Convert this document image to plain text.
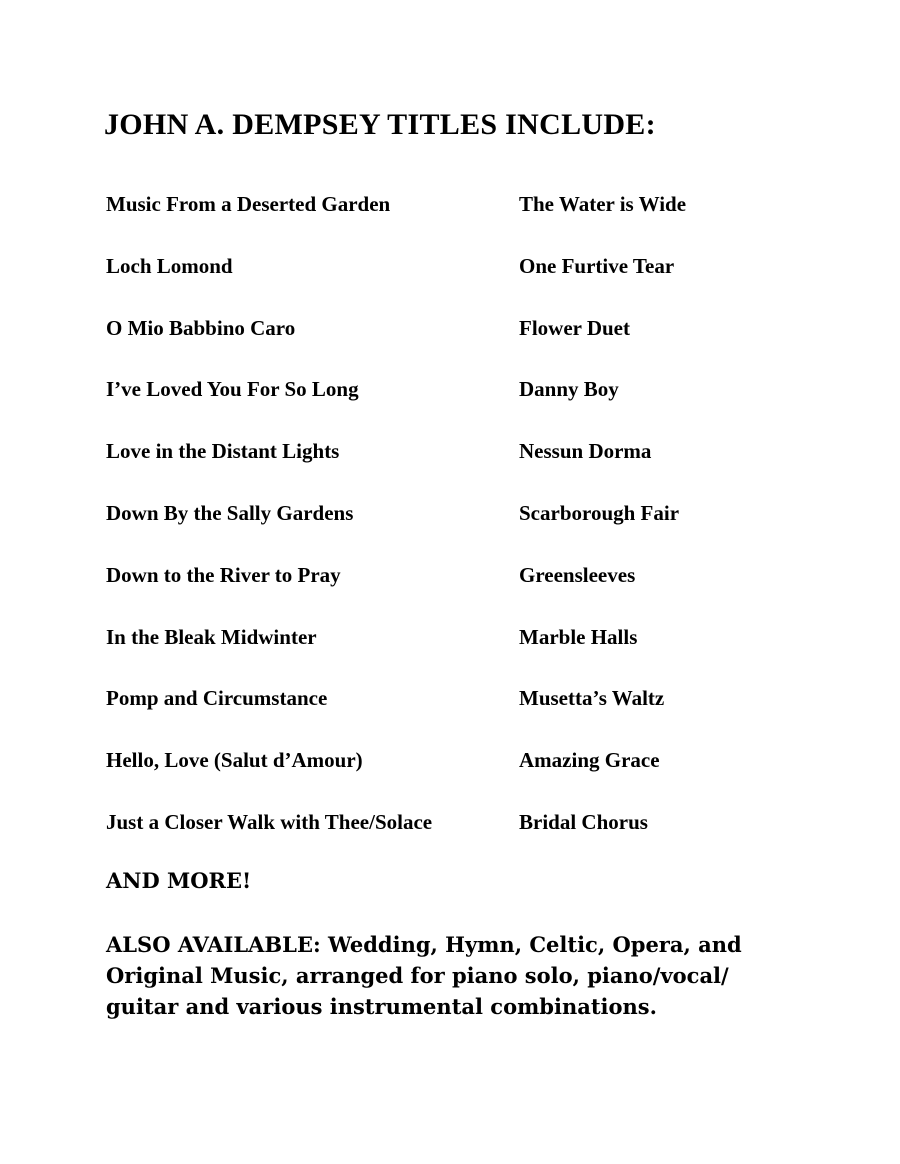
JOHN A. DEMPSEY TITLES INCLUDE:
Music From a Deserted Garden
Loch Lomond
O Mio Babbino Caro
I’ve Loved You For So Long
Love in the Distant Lights
Down By the Sally Gardens
Down to the River to Pray
In the Bleak Midwinter
Pomp and Circumstance
Hello, Love (Salut d’Amour)
Just a Closer Walk with Thee/Solace
The Water is Wide
One Furtive Tear
Flower Duet
Danny Boy
Nessun Dorma
Scarborough Fair
Greensleeves
Marble Halls
Musetta’s Waltz
Amazing Grace
Bridal Chorus

AND MORE!

ALSO AVAILABLE: Wedding, Hymn, Celtic, Opera, and Original Music, arranged for piano solo, piano/vocal/ guitar and various instrumental combinations.
